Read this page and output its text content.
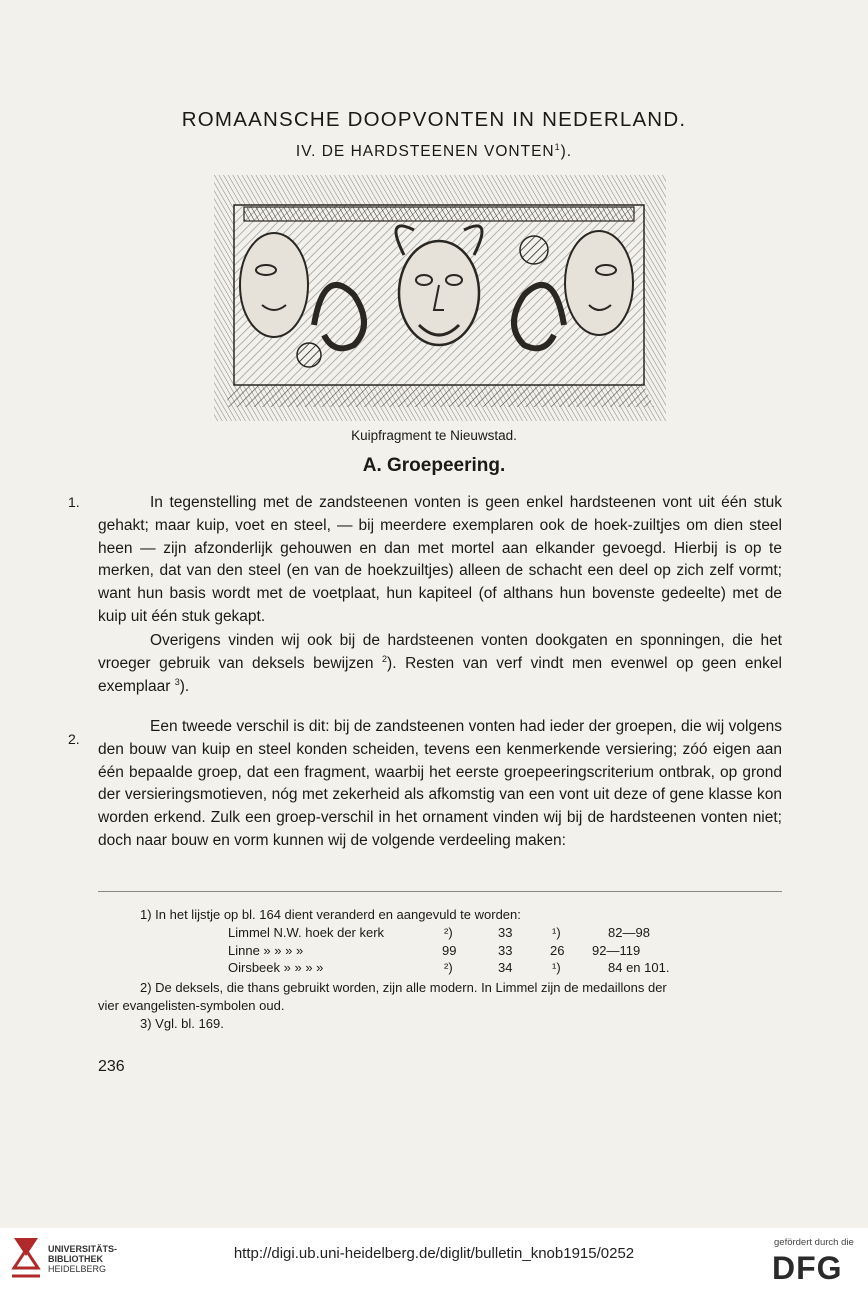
ROMAANSCHE DOOPVONTEN IN NEDERLAND.
IV. DE HARDSTEENEN VONTEN$^1$).
Kuipfragment te Nieuwstad.
A. Groepeering.
1.	In tegenstelling met de zandsteenen vonten is geen enkel hardsteenen vont uit één stuk gehakt; maar kuip, voet en steel, — bij meerdere exemplaren ook de hoek-zuiltjes om dien steel heen — zijn afzonderlijk gehouwen en dan met mortel aan elkander gevoegd. Hierbij is op te merken, dat van den steel (en van de hoekzuiltjes) alleen de schacht een deel op zich zelf vormt; want hun basis wordt met de voetplaat, hun kapiteel (of althans hun bovenste gedeelte) met de kuip uit één stuk gekapt.

Overigens vinden wij ook bij de hardsteenen vonten dookgaten en sponningen, die het vroeger gebruik van deksels bewijzen $^2$). Resten van verf vindt men evenwel op geen enkel exemplaar $^3$).

2.

Een tweede verschil is dit: bij de zandsteenen vonten had ieder der groepen, die wij volgens den bouw van kuip en steel konden scheiden, tevens een kenmerkende versiering; zóó eigen aan één bepaalde groep, dat een fragment, waarbij het eerste groepeeringscriterium ontbrak, op grond der versieringsmotieven, nóg met zekerheid als afkomstig van een vont uit deze of gene klasse kon worden erkend. Zulk een groep-verschil in het ornament vinden wij bij de hardsteenen vonten niet; doch naar bouw en vorm kunnen wij de volgende verdeeling maken:

1) In het lijstje op bl. 164 dient veranderd en aangevuld te worden:
Limmel N.W. hoek der kerk	²)	33	¹)	82—98
Linne » » » »	99	33	26 92—119
Oirsbeek » » » »	²)	34	¹)	84 en 101.
2) De deksels, die thans gebruikt worden, zijn alle modern. In Limmel zijn de medaillons der
vier evangelisten-symbolen oud.
3) Vgl. bl. 169.
236
UNIVERSITÄTS-
BIBLIOTHEK
HEIDELBERG
http://digi.ub.uni-heidelberg.de/diglit/bulletin_knob1915/0252
gefördert durch die
DFG
